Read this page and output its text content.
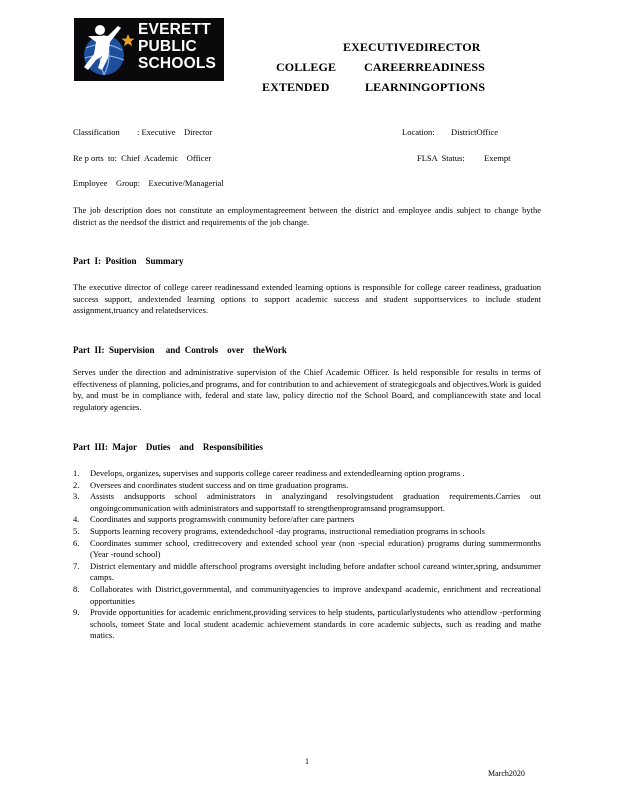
EVERETT
PUBLIC
SCHOOLS
EXECUTIVEDIRECTOR
COLLEGE CAREERREADINESS
EXTENDED	LEARNINGOPTIONS
Classification : Executive    Director	Location: DistrictOffice
Re p orts  to:  Chief  Academic    Officer	FLSA  Status: Exempt
Employee    Group:    Executive/Managerial
The job description does not constitute an employmentagreement between the district and employee andis subject to change bythe district as the needsof the district and requirements of the job change.
Part  I:  Position    Summary
The executive director of college career readinessand extended learning options is responsible for college career readiness, graduation success support, andextended learning options to support academic success and student supportservices to include student assignment,truancy and relatedservices.
Part  II:  Supervision     and  Controls    over    theWork
Serves under the direction and administrative supervision of the Chief Academic Officer. Is held responsible for results in terms of effectiveness of planning, policies,and programs, and for contribution to and achievement of strategicgoals and objectives.Work is guided by, and must be in compliance with, federal and state law, policy directio nof the School Board, and compliancewith state and local regulatory agencies.
Part  III:  Major    Duties    and    Responsibilities
1. Develops, organizes, supervises and supports college career readiness and extendedlearning option programs .
2. Oversees and coordinates student success and on time graduation programs.
3. Assists andsupports school administrators in analyzingand resolvingstudent graduation requirements.Carries out ongoingcommunication with administrators and supportstaff to strengthenprogramsand programsupport.
4. Coordinates and supports programswith community before/after care partners
5. Supports learning recovery programs, extendedschool -day programs, instructional remediation programs in schools
6. Coordinates summer school, creditrecovery and extended school year (non -special education) programs during summermonths (Year -round school)
7. District elementary and middle afterschool programs oversight including before andafter school careand winter,spring, andsummer camps.
8. Collaborates with District,governmental, and communityagencies to improve andexpand academic, enrichment and recreational opportunities
9. Provide opportunities for academic enrichment,providing services to help students, particularlystudents who attendlow -performing schools, tomeet State and local student academic achievement standards in core academic subjects, such as reading and mathe matics.
1
March2020
